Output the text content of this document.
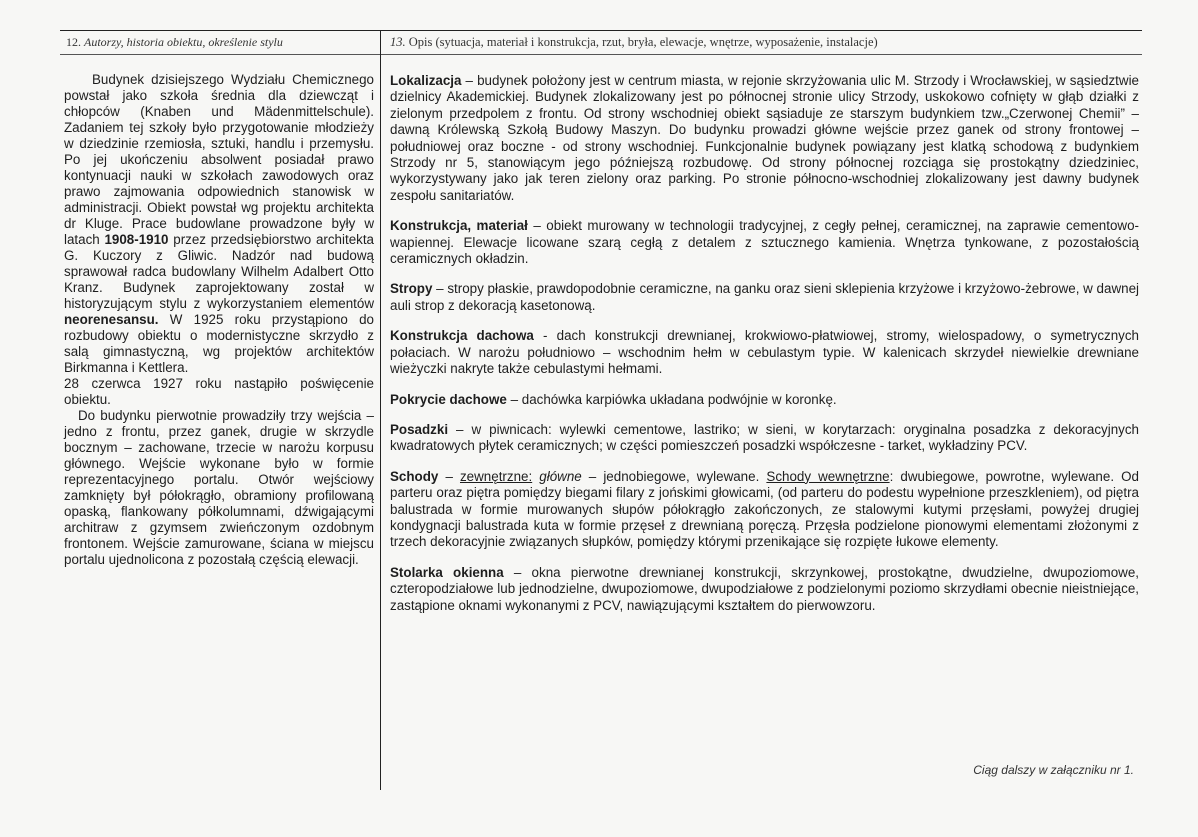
12. Autorzy, historia obiektu, określenie stylu	13. Opis (sytuacja, materiał i konstrukcja, rzut, bryła, elewacje, wnętrze, wyposażenie, instalacje)

Budynek dzisiejszego Wydziału Chemicznego powstał jako szkoła średnia dla dziewcząt i chłopców (Knaben und Mädenmittelschule). Zadaniem tej szkoły było przygotowanie młodzieży w dziedzinie rzemiosła, sztuki, handlu i przemysłu. Po jej ukończeniu absolwent posiadał prawo kontynuacji nauki w szkołach zawodowych oraz prawo zajmowania odpowiednich stanowisk w administracji. Obiekt powstał wg projektu architekta dr Kluge. Prace budowlane prowadzone były w latach 1908-1910 przez przedsiębiorstwo architekta G. Kuczory z Gliwic. Nadzór nad budową sprawował radca budowlany Wilhelm Adalbert Otto Kranz. Budynek zaprojektowany został w historyzującym stylu z wykorzystaniem elementów neorenesansu. W 1925 roku przystąpiono do rozbudowy obiektu o modernistyczne skrzydło z salą gimnastyczną, wg projektów architektów Birkmanna i Kettlera.

28 czerwca 1927 roku nastąpiło poświęcenie obiektu.

Do budynku pierwotnie prowadziły trzy wejścia – jedno z frontu, przez ganek, drugie w skrzydle bocznym – zachowane, trzecie w narożu korpusu głównego. Wejście wykonane było w formie reprezentacyjnego portalu. Otwór wejściowy zamknięty był półokrągło, obramiony profilowaną opaską, flankowany półkolumnami, dźwigającymi architraw z gzymsem zwieńczonym ozdobnym frontonem. Wejście zamurowane, ściana w miejscu portalu ujednolicona z pozostałą częścią elewacji.

Lokalizacja – budynek położony jest w centrum miasta, w rejonie skrzyżowania ulic M. Strzody i Wrocławskiej, w sąsiedztwie dzielnicy Akademickiej. Budynek zlokalizowany jest po północnej stronie ulicy Strzody, uskokowo cofnięty w głąb działki z zielonym przedpolem z frontu. Od strony wschodniej obiekt sąsiaduje ze starszym budynkiem tzw.„Czerwonej Chemii” – dawną Królewską Szkołą Budowy Maszyn. Do budynku prowadzi główne wejście przez ganek od strony frontowej – południowej oraz boczne - od strony wschodniej. Funkcjonalnie budynek powiązany jest klatką schodową z budynkiem Strzody nr 5, stanowiącym jego późniejszą rozbudowę. Od strony północnej rozciąga się prostokątny dziedziniec, wykorzystywany jako jak teren zielony oraz parking. Po stronie północno-wschodniej zlokalizowany jest dawny budynek zespołu sanitariatów.

Konstrukcja, materiał – obiekt murowany w technologii tradycyjnej, z cegły pełnej, ceramicznej, na zaprawie cementowo-wapiennej. Elewacje licowane szarą cegłą z detalem z sztucznego kamienia. Wnętrza tynkowane, z pozostałością ceramicznych okładzin.

Stropy – stropy płaskie, prawdopodobnie ceramiczne, na ganku oraz sieni sklepienia krzyżowe i krzyżowo-żebrowe, w dawnej auli strop z dekoracją kasetonową.

Konstrukcja dachowa - dach konstrukcji drewnianej, krokwiowo-płatwiowej, stromy, wielospadowy, o symetrycznych połaciach. W narożu południowo – wschodnim hełm w cebulastym typie. W kalenicach skrzydeł niewielkie drewniane wieżyczki nakryte także cebulastymi hełmami.

Pokrycie dachowe – dachówka karpiówka układana podwójnie w koronkę.

Posadzki – w piwnicach: wylewki cementowe, lastriko; w sieni, w korytarzach: oryginalna posadzka z dekoracyjnych kwadratowych płytek ceramicznych; w części pomieszczeń posadzki współczesne - tarket, wykładziny PCV.

Schody – zewnętrzne: główne – jednobiegowe, wylewane. Schody wewnętrzne: dwubiegowe, powrotne, wylewane. Od parteru oraz piętra pomiędzy biegami filary z jońskimi głowicami, (od parteru do podestu wypełnione przeszkleniem), od piętra balustrada w formie murowanych słupów półokrągło zakończonych, ze stalowymi kutymi przęsłami, powyżej drugiej kondygnacji balustrada kuta w formie przęseł z drewnianą poręczą. Przęsła podzielone pionowymi elementami złożonymi z trzech dekoracyjnie związanych słupków, pomiędzy którymi przenikające się rozpięte łukowe elementy.

Stolarka okienna – okna pierwotne drewnianej konstrukcji, skrzynkowej, prostokątne, dwudzielne, dwupoziomowe, czteropodziałowe lub jednodzielne, dwupoziomowe, dwupodziałowe z podzielonymi poziomo skrzydłami obecnie nieistniejące, zastąpione oknami wykonanymi z PCV, nawiązującymi kształtem do pierwowzoru.

Ciąg dalszy w załączniku nr 1.
